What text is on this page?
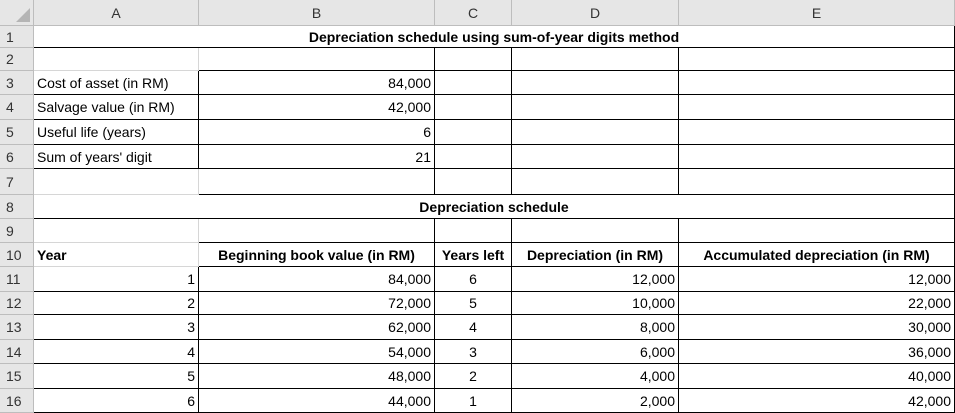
A	B	C	D	E
1
2
3
4
5
6
7
8
9
10
11
12
13
14
15
16
Depreciation schedule using sum-of-year digits method
Cost of asset (in RM)	84,000
Salvage value (in RM)	42,000
Useful life (years)	6
Sum of years' digit	21
Depreciation schedule
Year	Beginning book value (in RM)	Years left	Depreciation (in RM)	Accumulated depreciation (in RM)
1	84,000	6	12,000	12,000
2	72,000	5	10,000	22,000
3	62,000	4	8,000	30,000
4	54,000	3	6,000	36,000
5	48,000	2	4,000	40,000
6	44,000	1	2,000	42,000
